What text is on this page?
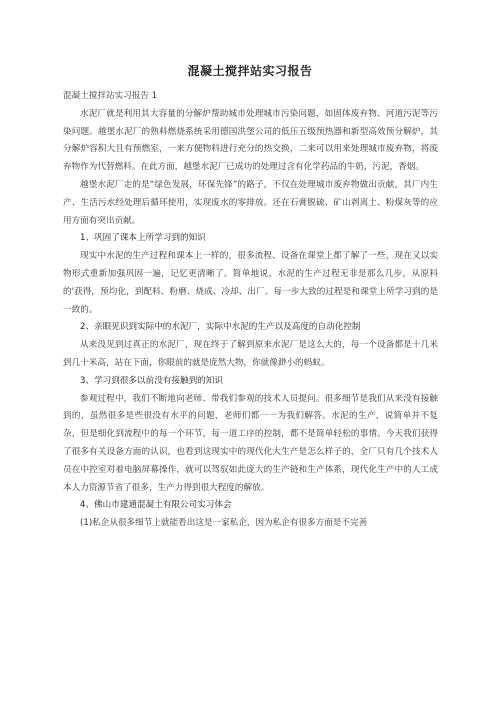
混凝土搅拌站实习报告

混凝土搅拌站实习报告 1

水泥厂就是利用其大容量的分解炉帮助城市处理城市污染问题，如固体废弃物、河道污泥等污染问题。越堡水泥厂的熟料燃烧系统采用德国洪堡公司的低压五级预热器和新型高效预分解炉，其分解炉容积大且有预燃室，一来方便物料进行充分的热交换，二来可以用来处理城市废弃物，将废弃物作为代替燃料。在此方面，越堡水泥厂已成功的处理过含有化学药品的牛奶，污泥，香烟。

越堡水泥厂走的是“绿色发展，环保先锋”的路子，不仅在处理城市废弃物做出贡献，其厂内生产、生活污水经处理后循环使用，实现废水的零排放。还在石膏脱硫、矿山剥离土、粉煤灰等的应用方面有突出贡献。

1、巩固了课本上所学习到的知识

现实中水泥的生产过程和课本上一样的，很多流程、设备在课堂上都了解了一些，现在又以实物形式重新加强巩固一遍，记忆更清晰了。简单地说，水泥的生产过程无非是那么几步，从原料的'获得，预均化，到配料、粉磨、烧成、冷却、出厂。每一步大致的过程是和课堂上所学习到的是一致的。

2、亲眼见识到实际中的水泥厂，实际中水泥的生产以及高度的自动化控制

从来没见到过真正的水泥厂，现在终于了解到原来水泥厂是这么大的，每一个设备都是十几米到几十米高，站在下面，你眼前的就是庞然大物，你就像渺小的蚂蚁。

3、学习到很多以前没有接触到的知识

参观过程中，我们不断地向老师、带我们参观的技术人员提问。很多细节是我们从来没有接触到的，虽然很多是些很没有水平的问题，老师们都一一为我们解答。水泥的生产，说简单并不复杂，但是细化到流程中的每一个环节，每一道工序的控制，都不是简单轻松的事情。今天我们获得了很多有关设备方面的认识，也看到这现实中的现代化大生产是怎么样子的，全厂只有几个技术人员在中控室对着电脑屏幕操作，就可以驾驭如此庞大的生产链和生产体系，现代化生产中的人工成本人力资源节省了很多，生产力得到很大程度的解放。

4、佛山市建通混凝土有限公司实习体会

(1)私企从很多细节上就能看出这是一家私企，因为私企有很多方面是不完善
